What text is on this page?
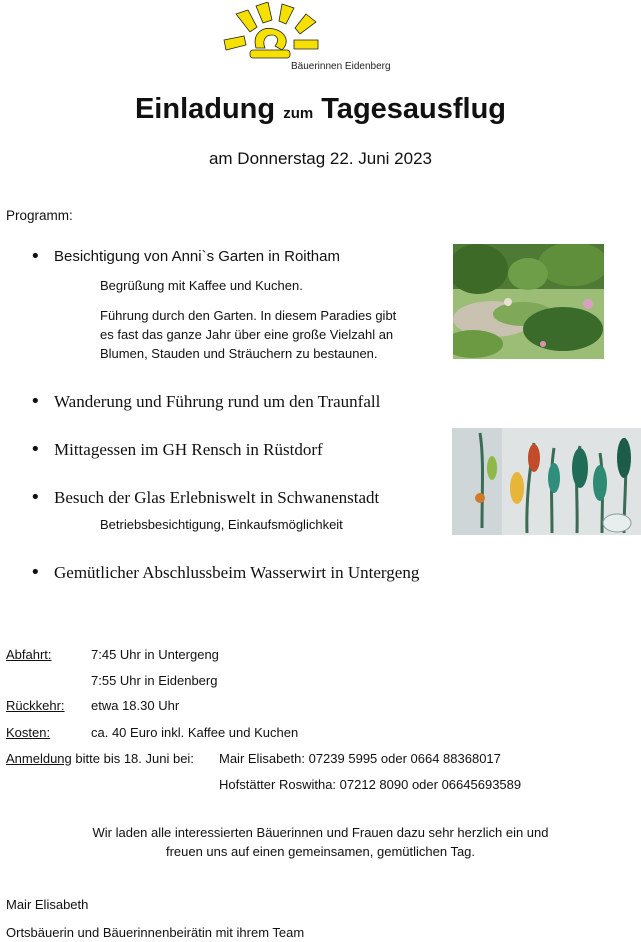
Bäuerinnen Eidenberg
Einladung zum Tagesausflug
am Donnerstag 22. Juni 2023
Programm:
• Besichtigung von Anni`s Garten in Roitham
Begrüßung mit Kaffee und Kuchen.
Führung durch den Garten. In diesem Paradies gibt
es fast das ganze Jahr über eine große Vielzahl an
Blumen, Stauden und Sträuchern zu bestaunen.
• Wanderung und Führung rund um den Traunfall
• Mittagessen im GH Rensch in Rüstdorf
• Besuch der Glas Erlebniswelt in Schwanenstadt
Betriebsbesichtigung, Einkaufsmöglichkeit
• Gemütlicher Abschlussbeim Wasserwirt in Untergeng
Abfahrt:	7:45 Uhr in Untergeng
7:55 Uhr in Eidenberg
Rückkehr: etwa 18.30 Uhr
Kosten:	ca. 40 Euro inkl. Kaffee und Kuchen
Anmeldung bitte bis 18. Juni bei: Mair Elisabeth: 07239 5995 oder 0664 88368017
Hofstätter Roswitha: 07212 8090 oder 06645693589
Wir laden alle interessierten Bäuerinnen und Frauen dazu sehr herzlich ein und
freuen uns auf einen gemeinsamen, gemütlichen Tag.
Mair Elisabeth
Ortsbäuerin und Bäuerinnenbeirätin mit ihrem Team
